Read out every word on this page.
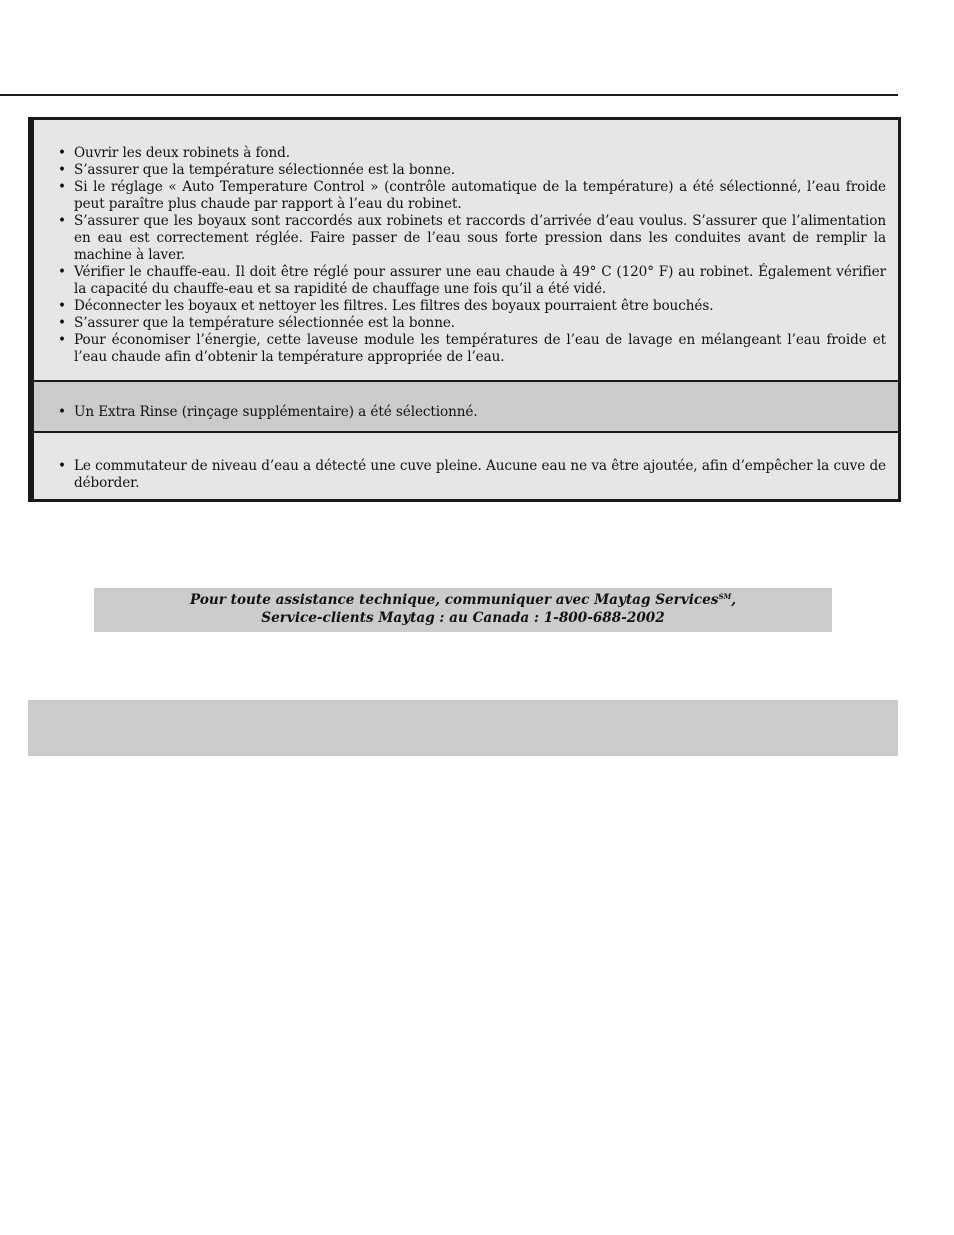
• Ouvrir les deux robinets à fond.
• S’assurer que la température sélectionnée est la bonne.
• Si le réglage « Auto Temperature Control » (contrôle automatique de la température) a été sélectionné, l’eau froide peut paraître plus chaude par rapport à l’eau du robinet.
• S’assurer que les boyaux sont raccordés aux robinets et raccords d’arrivée d’eau voulus. S’assurer que l’alimentation en eau est correctement réglée. Faire passer de l’eau sous forte pression dans les conduites avant de remplir la machine à laver.
• Vérifier le chauffe-eau. Il doit être réglé pour assurer une eau chaude à 49° C (120° F) au robinet. Également vérifier la capacité du chauffe-eau et sa rapidité de chauffage une fois qu’il a été vidé.
• Déconnecter les boyaux et nettoyer les filtres. Les filtres des boyaux pourraient être bouchés.
• S’assurer que la température sélectionnée est la bonne.
• Pour économiser l’énergie, cette laveuse module les températures de l’eau de lavage en mélangeant l’eau froide et l’eau chaude afin d’obtenir la température appropriée de l’eau.
• Un Extra Rinse (rinçage supplémentaire) a été sélectionné.
• Le commutateur de niveau d’eau a détecté une cuve pleine. Aucune eau ne va être ajoutée, afin d’empêcher la cuve de déborder.
Pour toute assistance technique, communiquer avec Maytag Services℠,
Service-clients Maytag : au Canada : 1-800-688-2002
